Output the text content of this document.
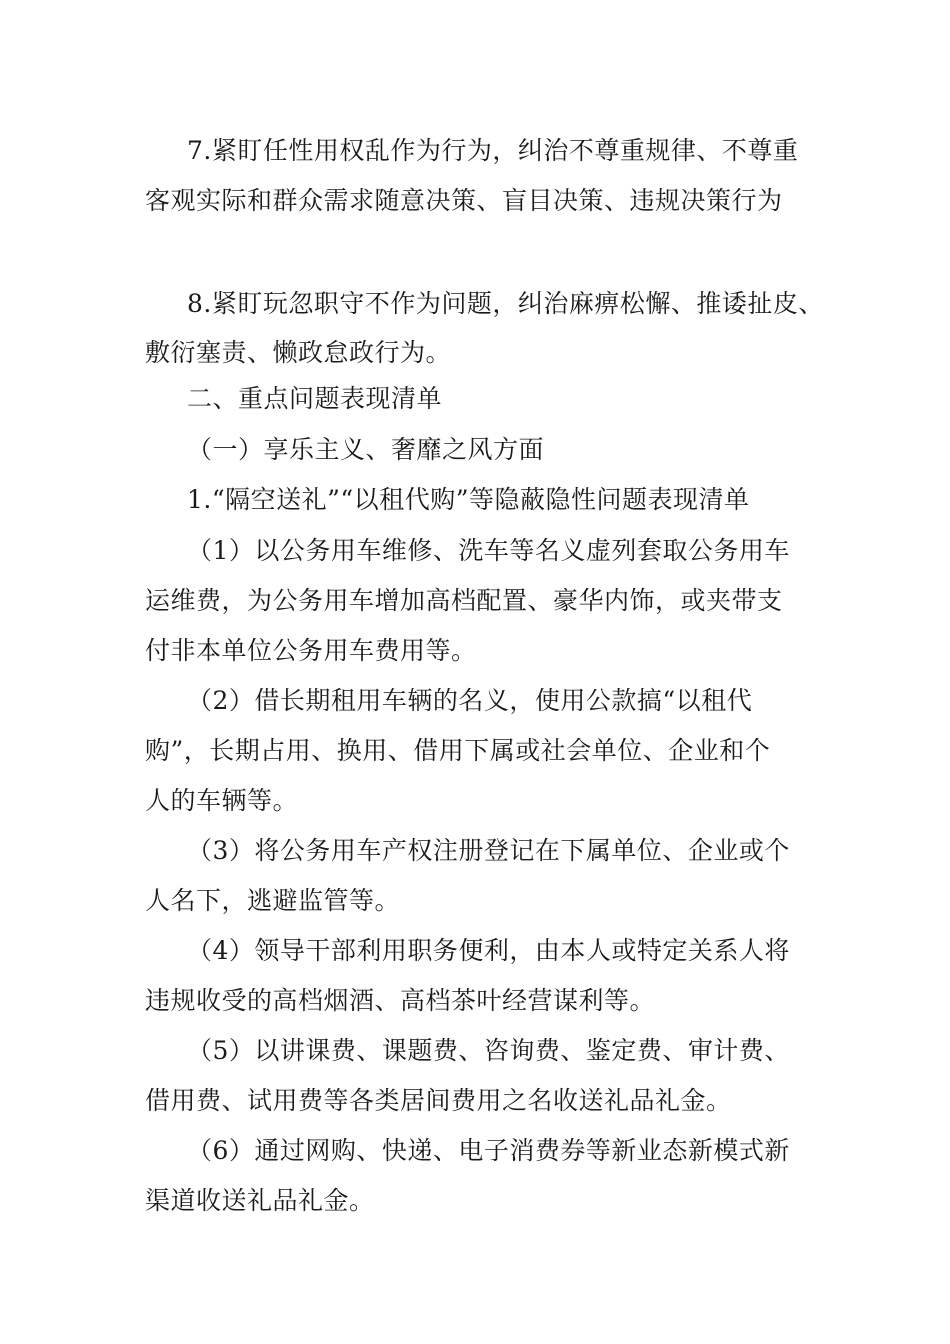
7.紧盯任性用权乱作为行为，纠治不尊重规律、不尊重
客观实际和群众需求随意决策、盲目决策、违规决策行为
8.紧盯玩忽职守不作为问题，纠治麻痹松懈、推诿扯皮、
敷衍塞责、懒政怠政行为。
二、重点问题表现清单
（一）享乐主义、奢靡之风方面
1.“隔空送礼”“以租代购”等隐蔽隐性问题表现清单
（1）以公务用车维修、洗车等名义虚列套取公务用车
运维费，为公务用车增加高档配置、豪华内饰，或夹带支
付非本单位公务用车费用等。
（2）借长期租用车辆的名义，使用公款搞“以租代
购”，长期占用、换用、借用下属或社会单位、企业和个
人的车辆等。
（3）将公务用车产权注册登记在下属单位、企业或个
人名下，逃避监管等。
（4）领导干部利用职务便利，由本人或特定关系人将
违规收受的高档烟酒、高档茶叶经营谋利等。
（5）以讲课费、课题费、咨询费、鉴定费、审计费、
借用费、试用费等各类居间费用之名收送礼品礼金。
（6）通过网购、快递、电子消费券等新业态新模式新
渠道收送礼品礼金。
